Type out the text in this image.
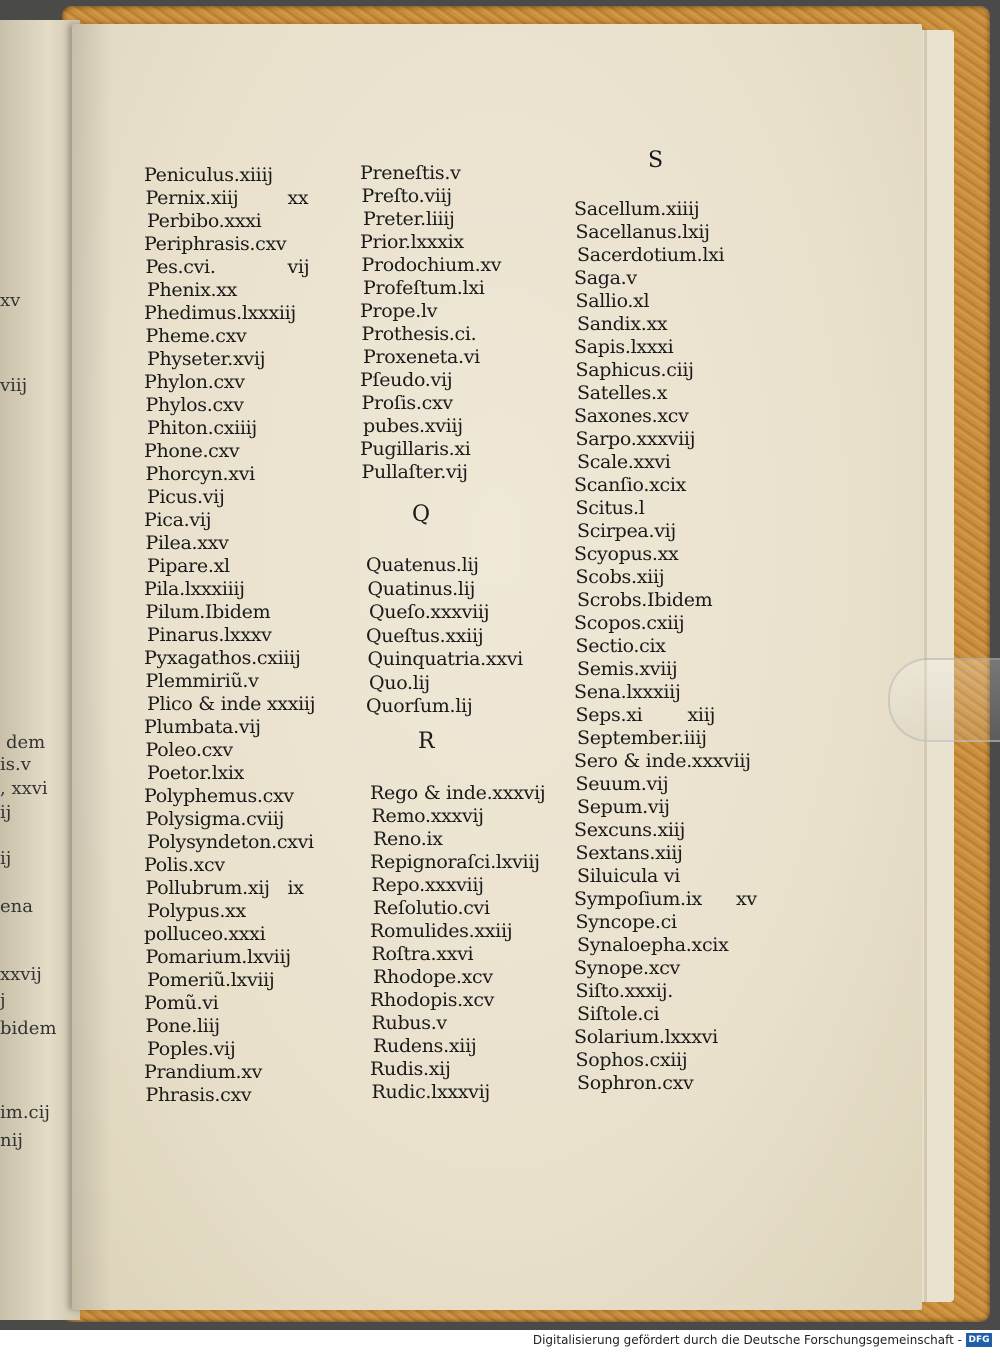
xv
viij
dem
is.v
, xxvi
ij
ij
ena
xxvij
j
bidem
im.cij
nij
Peniculus.xiiij
Pernix.xiij	xx
Perbibo.xxxi
Periphrasis.cxv
Pes.cvi.	vij
Phenix.xx
Phedimus.lxxxiij
Pheme.cxv
Physeter.xvij
Phylon.cxv
Phylos.cxv
Phiton.cxiiij
Phone.cxv
Phorcyn.xvi
Picus.vij
Pica.vij
Pilea.xxv
Pipare.xl
Pila.lxxxiiij
Pilum.Ibidem
Pinarus.lxxxv
Pyxagathos.cxiiij
Plemmiriũ.v
Plico & inde xxxiij
Plumbata.vij
Poleo.cxv
Poetor.lxix
Polyphemus.cxv
Polysigma.cviij
Polysyndeton.cxvi
Polis.xcv
Pollubrum.xij ix
Polypus.xx
polluceo.xxxi
Pomarium.lxviij
Pomeriũ.lxviij
Pomũ.vi
Pone.liij
Poples.vij
Prandium.xv
Phrasis.cxv
Preneſtis.v
Preſto.viij
Preter.liiij
Prior.lxxxix
Prodochium.xv
Profeſtum.lxi
Prope.lv
Prothesis.ci.
Proxeneta.vi
Pſeudo.vij
Proſis.cxv
pubes.xviij
Pugillaris.xi
Pullaſter.vij
Q
R
Quatenus.lij
Quatinus.lij
Queſo.xxxviij
Queſtus.xxiij
Quinquatria.xxvi
Quo.lij
Quorſum.lij
Rego & inde.xxxvij
Remo.xxxvij
Reno.ix
Repignoraſci.lxviij
Repo.xxxviij
Reſolutio.cvi
Romulides.xxiij
Roſtra.xxvi
Rhodope.xcv
Rhodopis.xcv
Rubus.v
Rudens.xiij
Rudis.xij
Rudic.lxxxvij
S
Sacellum.xiiij
Sacellanus.lxij
Sacerdotium.lxi
Saga.v
Sallio.xl
Sandix.xx
Sapis.lxxxi
Saphicus.ciij
Satelles.x
Saxones.xcv
Sarpo.xxxviij
Scale.xxvi
Scanſio.xcix
Scitus.l
Scirpea.vij
Scyopus.xx
Scobs.xiij
Scrobs.Ibidem
Scopos.cxiij
Sectio.cix
Semis.xviij
Sena.lxxxiij
Seps.xi xiij
September.iiij
Sero & inde.xxxviij
Seuum.vij
Sepum.vij
Sexcuns.xiij
Sextans.xiij
Siluicula vi
Sympoſium.ix xv
Syncope.ci
Synaloepha.xcix
Synope.xcv
Siſto.xxxij.
Siſtole.ci
Solarium.lxxxvi
Sophos.cxiij
Sophron.cxv
Digitalisierung gefördert durch die Deutsche Forschungsgemeinschaft - DFG
